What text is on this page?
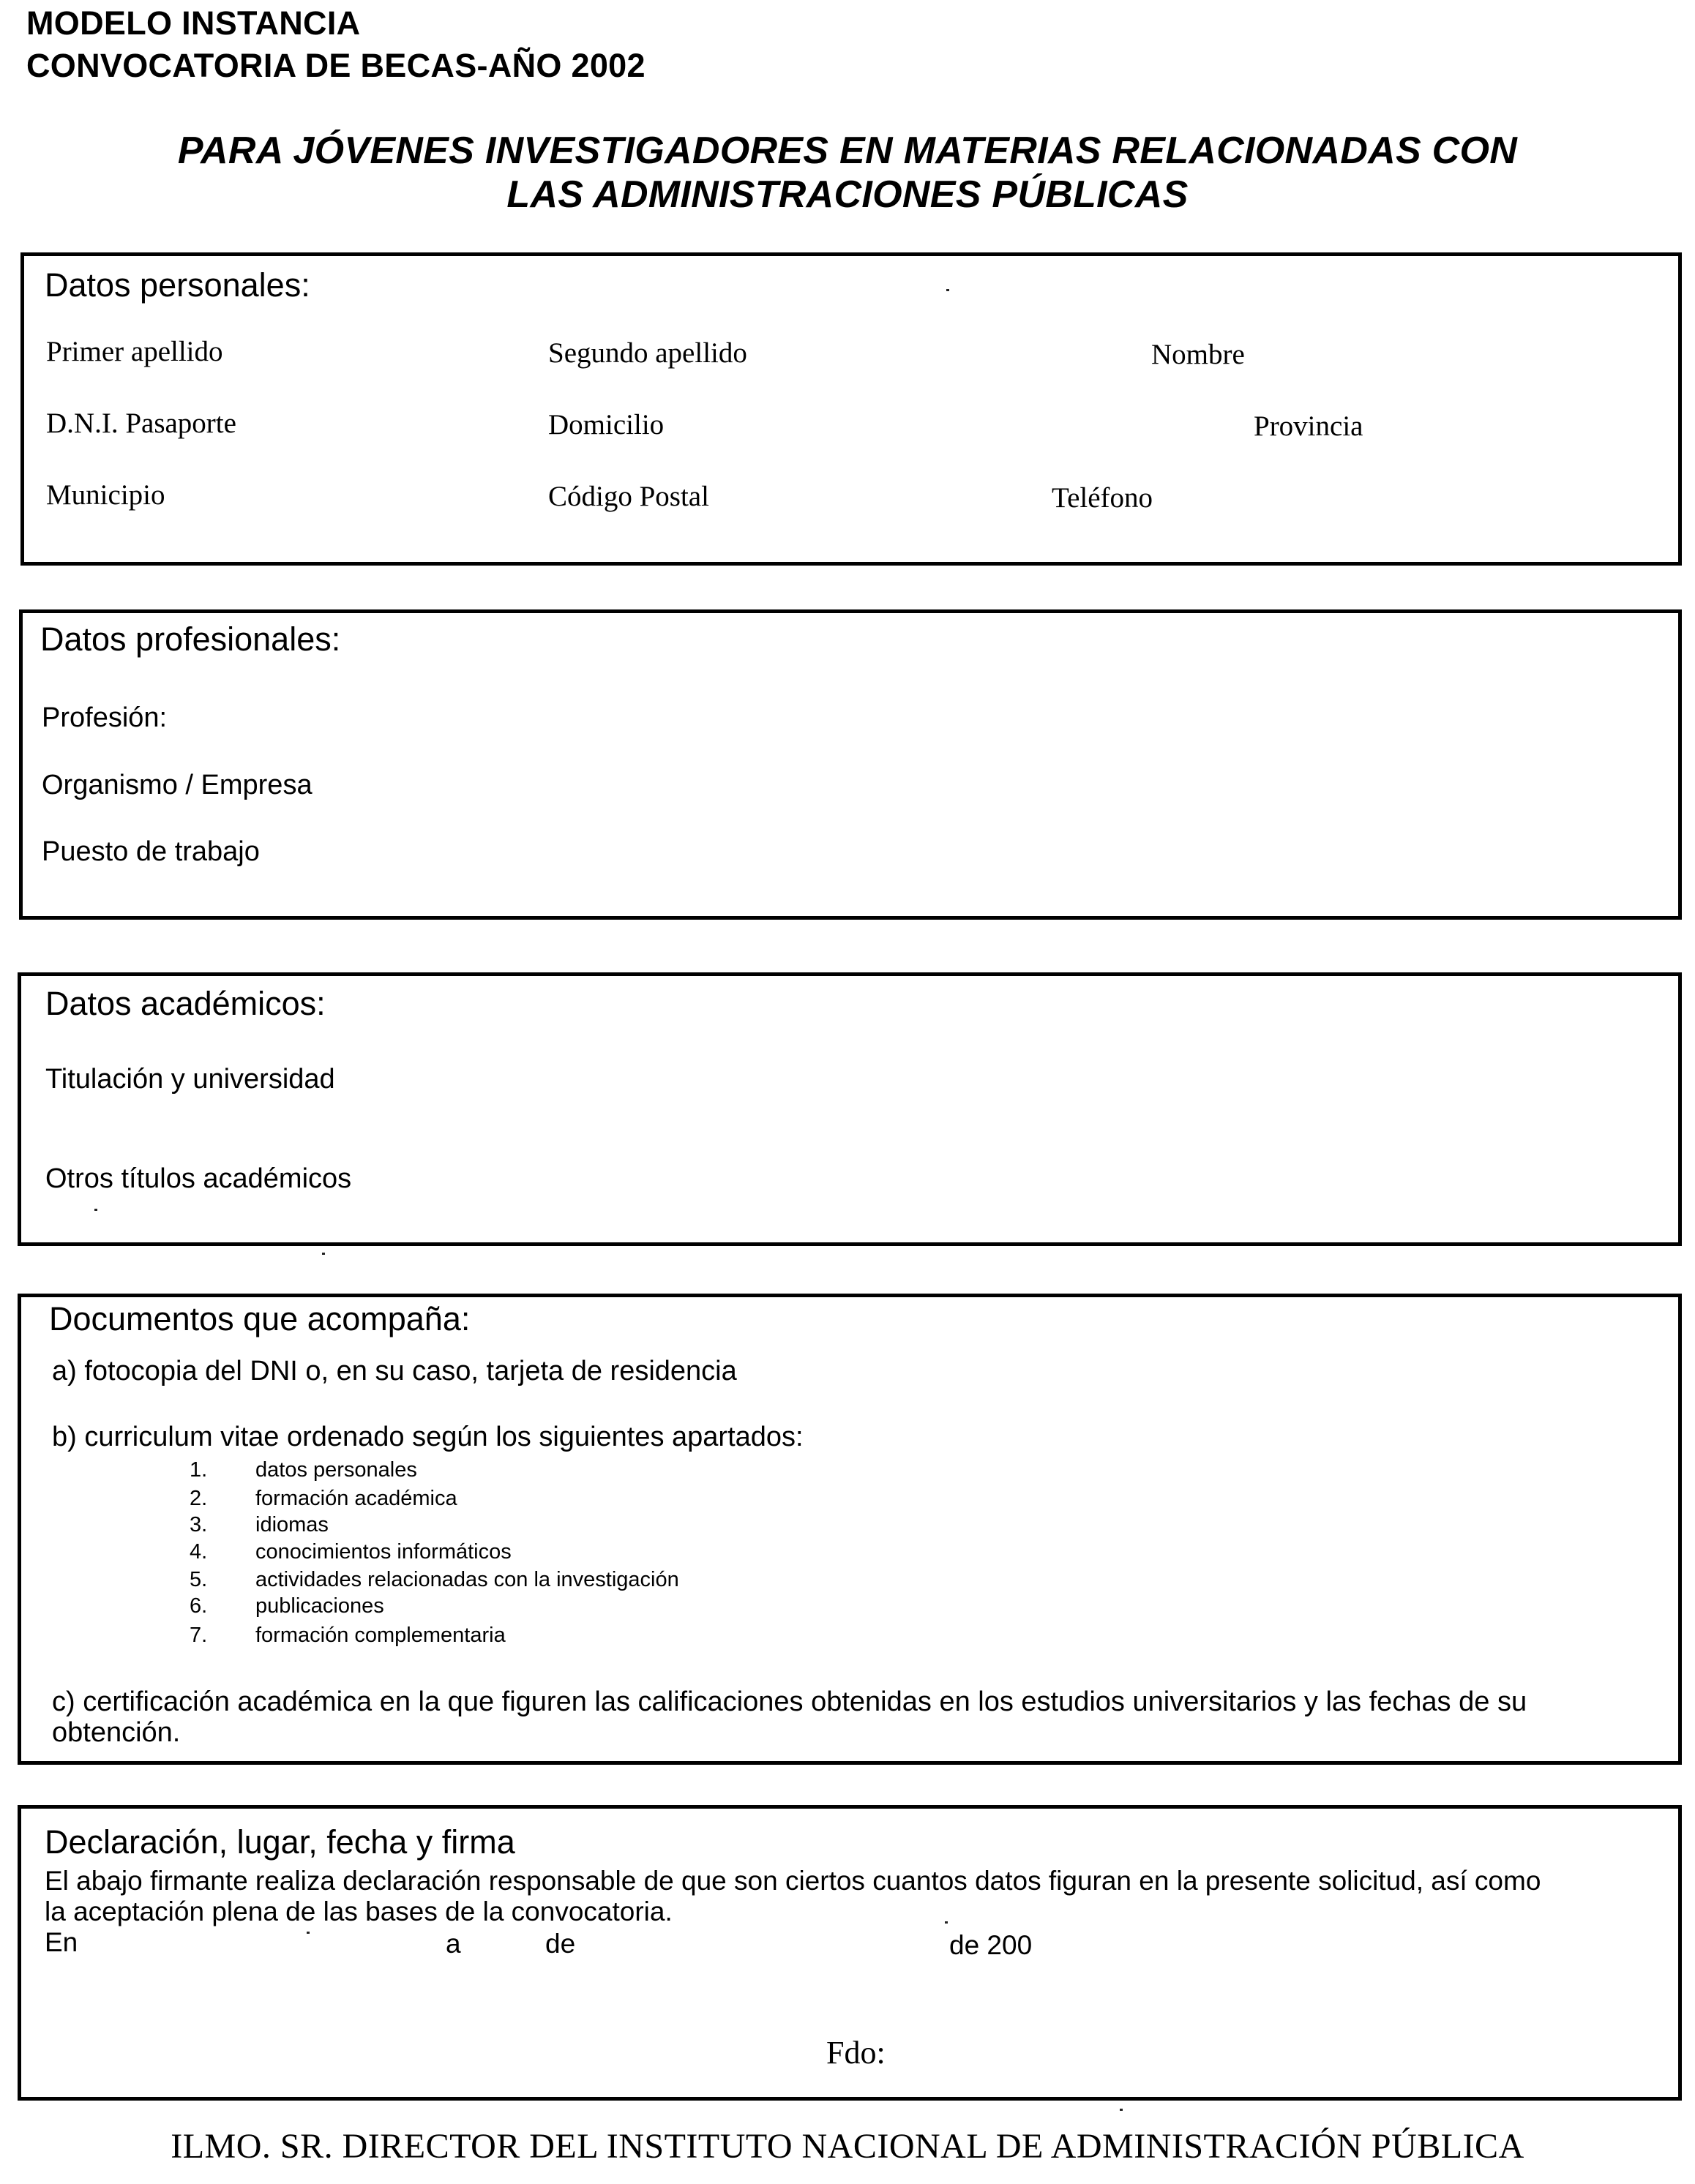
MODELO INSTANCIA
CONVOCATORIA DE BECAS-AÑO 2002
PARA JÓVENES INVESTIGADORES EN MATERIAS RELACIONADAS CON
LAS ADMINISTRACIONES PÚBLICAS
Datos personales:
Primer apellido	Segundo apellido	Nombre
D.N.I. Pasaporte	Domicilio	Provincia
Municipio	Código Postal	Teléfono
Datos profesionales:
Profesión:
Organismo / Empresa
Puesto de trabajo
Datos académicos:
Titulación y universidad
Otros títulos académicos
Documentos que acompaña:
a) fotocopia del DNI o, en su caso, tarjeta de residencia
b) curriculum vitae ordenado según los siguientes apartados:
1. datos personales
2. formación académica
3. idiomas
4. conocimientos informáticos
5. actividades relacionadas con la investigación
6. publicaciones
7. formación complementaria
c) certificación académica en la que figuren las calificaciones obtenidas en los estudios universitarios y las fechas de su
obtención.
Declaración, lugar, fecha y firma
El abajo firmante realiza declaración responsable de que son ciertos cuantos datos figuran en la presente solicitud, así como
la aceptación plena de las bases de la convocatoria.
En	a	de	de 200
Fdo:
ILMO. SR. DIRECTOR DEL INSTITUTO NACIONAL DE ADMINISTRACIÓN PÚBLICA
